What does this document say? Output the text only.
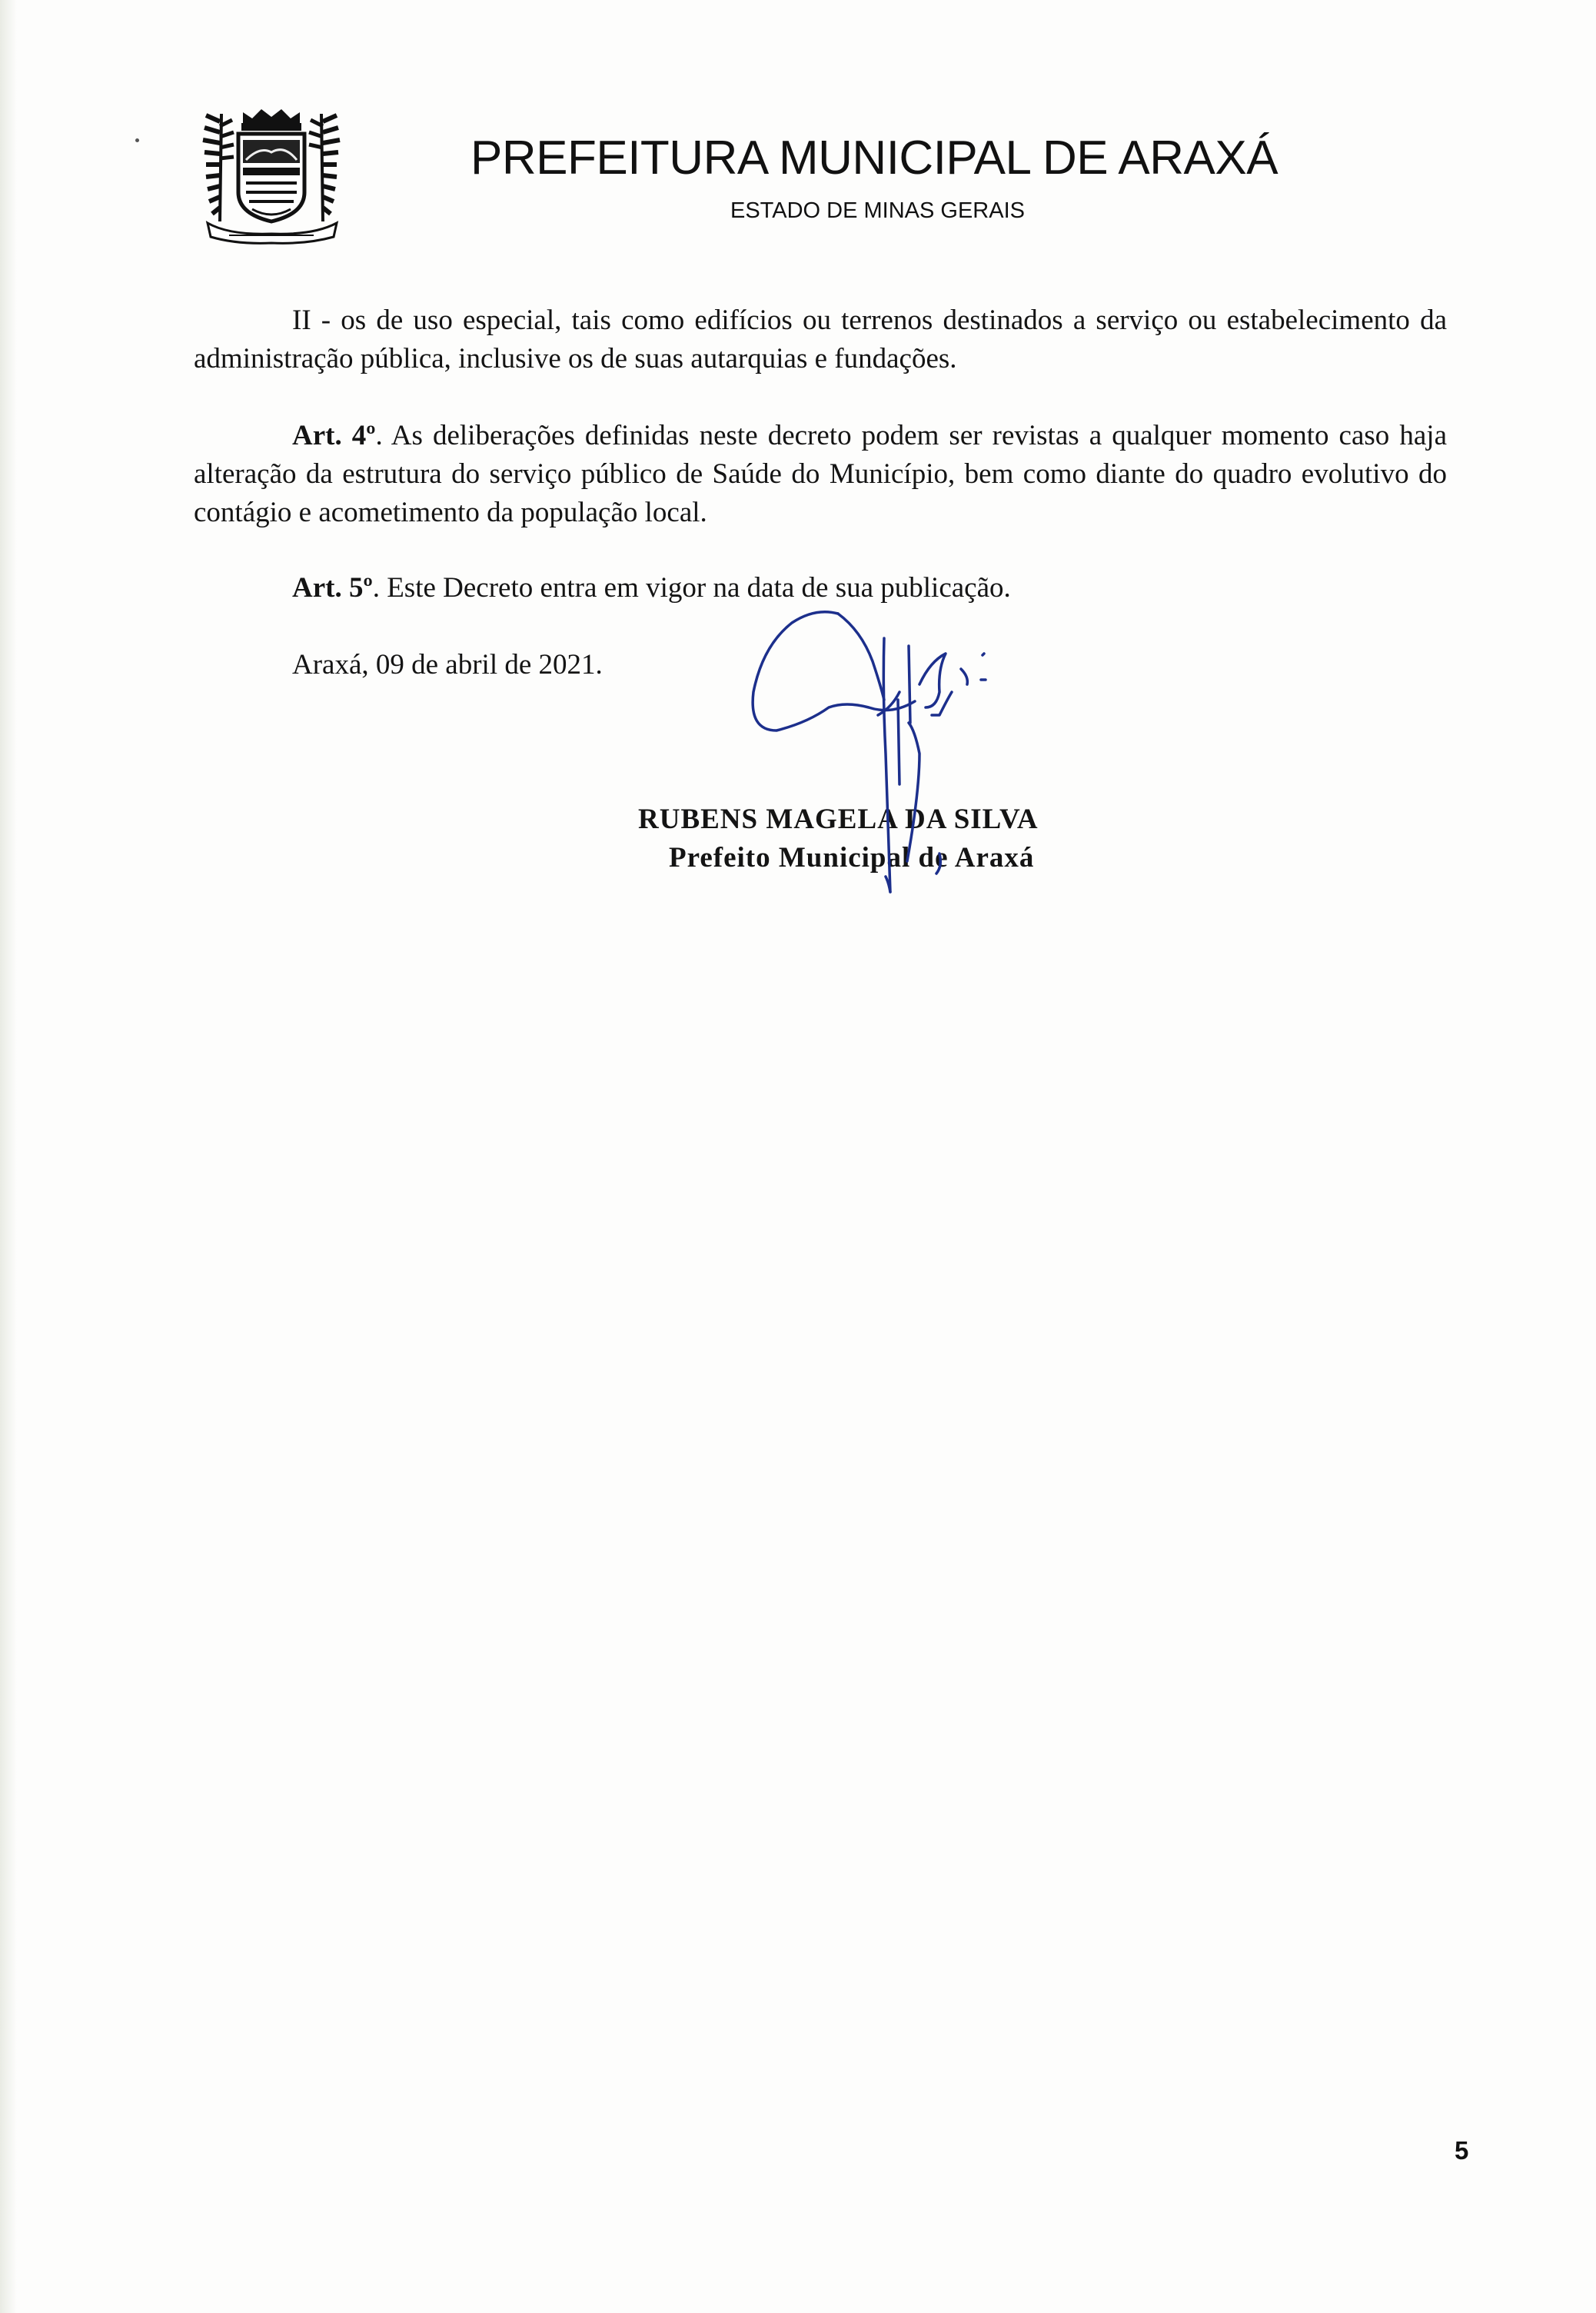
PREFEITURA MUNICIPAL DE ARAXÁ
ESTADO DE MINAS GERAIS

II - os de uso especial, tais como edifícios ou terrenos destinados a serviço ou estabelecimento da administração pública, inclusive os de suas autarquias e fundações.

Art. 4º. As deliberações definidas neste decreto podem ser revistas a qualquer momento caso haja alteração da estrutura do serviço público de Saúde do Município, bem como diante do quadro evolutivo do contágio e acometimento da população local.

Art. 5º. Este Decreto entra em vigor na data de sua publicação.

Araxá, 09 de abril de 2021.

RUBENS MAGELA DA SILVA
Prefeito Municipal de Araxá
5
